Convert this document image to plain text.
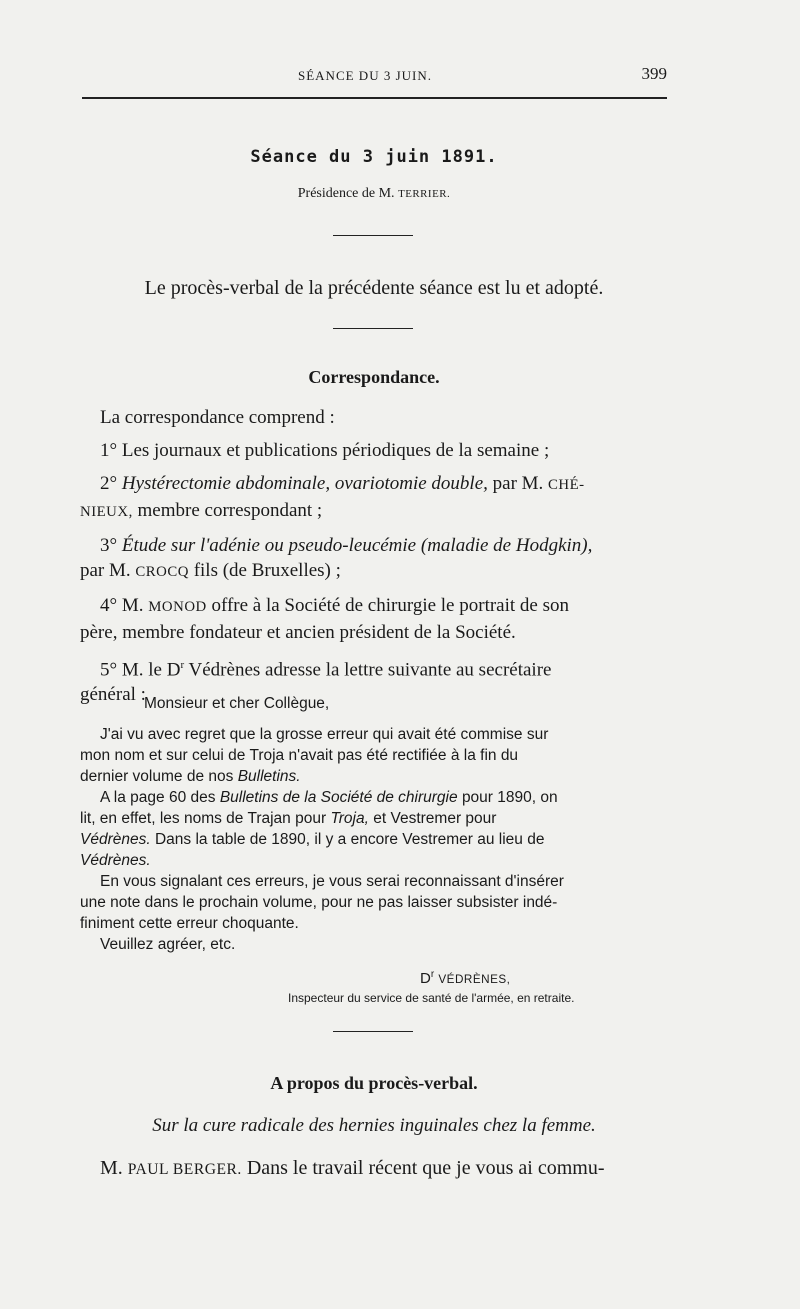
SÉANCE DU 3 JUIN.	399
Séance du 3 juin 1891.
Présidence de M. TERRIER.
Le procès-verbal de la précédente séance est lu et adopté.
Correspondance.

La correspondance comprend :

1° Les journaux et publications périodiques de la semaine ;

2° Hystérectomie abdominale, ovariotomie double, par M. CHÉ-
NIEUX, membre correspondant ;

3° Étude sur l'adénie ou pseudo-leucémie (maladie de Hodgkin),
par M. CROCQ fils (de Bruxelles) ;

4° M. MONOD offre à la Société de chirurgie le portrait de son
père, membre fondateur et ancien président de la Société.

5° M. le $D^r$ Védrènes adresse la lettre suivante au secrétaire
général :

Monsieur et cher Collègue,

J'ai vu avec regret que la grosse erreur qui avait été commise sur
mon nom et sur celui de Troja n'avait pas été rectifiée à la fin du
dernier volume de nos Bulletins.

A la page 60 des Bulletins de la Société de chirurgie pour 1890, on
lit, en effet, les noms de Trajan pour Troja, et Vestremer pour
Védrènes. Dans la table de 1890, il y a encore Vestremer au lieu de
Védrènes.

En vous signalant ces erreurs, je vous serai reconnaissant d'insérer
une note dans le prochain volume, pour ne pas laisser subsister indé-
finiment cette erreur choquante.

Veuillez agréer, etc.

$D^r$ VÉDRÈNES,
Inspecteur du service de santé de l'armée, en retraite.
A propos du procès-verbal.
Sur la cure radicale des hernies inguinales chez la femme.

M. PAUL BERGER. Dans le travail récent que je vous ai commu-
